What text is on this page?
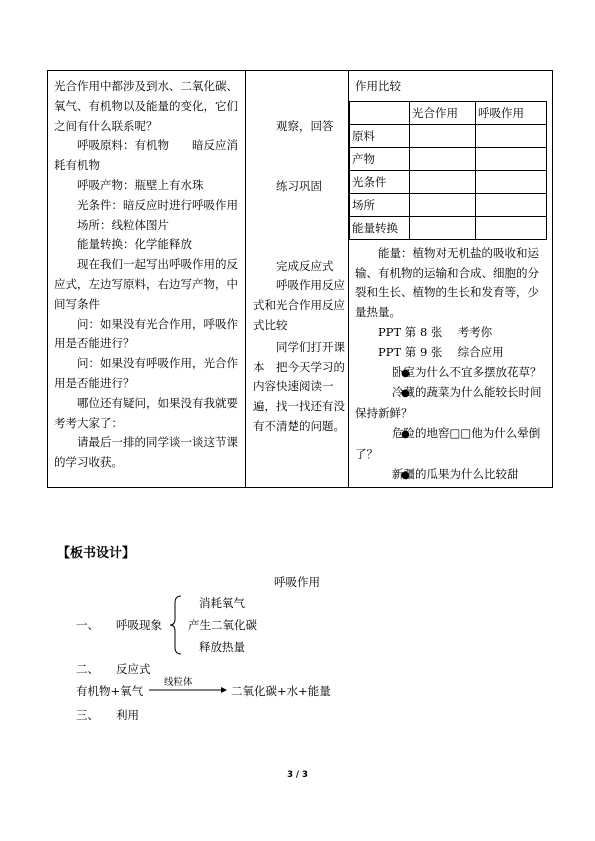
光合作用中都涉及到水、二氧化碳、氧气、有机物以及能量的变化，它们之间有什么联系呢？

呼吸原料：有机物　　暗反应消耗有机物

呼吸产物：瓶壁上有水珠

光条件：暗反应时进行呼吸作用

场所：线粒体图片

能量转换：化学能释放

现在我们一起写出呼吸作用的反应式，左边写原料，右边写产物，中间写条件

问：如果没有光合作用，呼吸作用是否能进行？

问：如果没有呼吸作用，光合作用是否能进行？

哪位还有疑问，如果没有我就要考考大家了：

请最后一排的同学谈一谈这节课的学习收获。

观察，回答

练习巩固

完成反应式

呼吸作用反应式和光合作用反应式比较

同学们打开课本　把今天学习的内容快速阅读一遍，找一找还有没有不清楚的问题。

作用比较

	光合作用	呼吸作用
原料		
产物		
光条件		
场所		
能量转换		

能量：植物对无机盐的吸收和运输、有机物的运输和合成、细胞的分裂和生长、植物的生长和发育等，少量热量。

PPT 第 8 张　 考考你

PPT 第 9 张　 综合应用

● 卧室为什么不宜多摆放花草？

● 冷藏的蔬菜为什么能较长时间保持新鲜？

● 危险的地窖□□他为什么晕倒了？

● 新疆的瓜果为什么比较甜

【板书设计】
呼吸作用
一、 呼吸现象
消耗氧气
产生二氧化碳
释放热量
二、 反应式
有机物+氧气
线粒体
二氧化碳+水+能量
三、 利用
3 / 3
